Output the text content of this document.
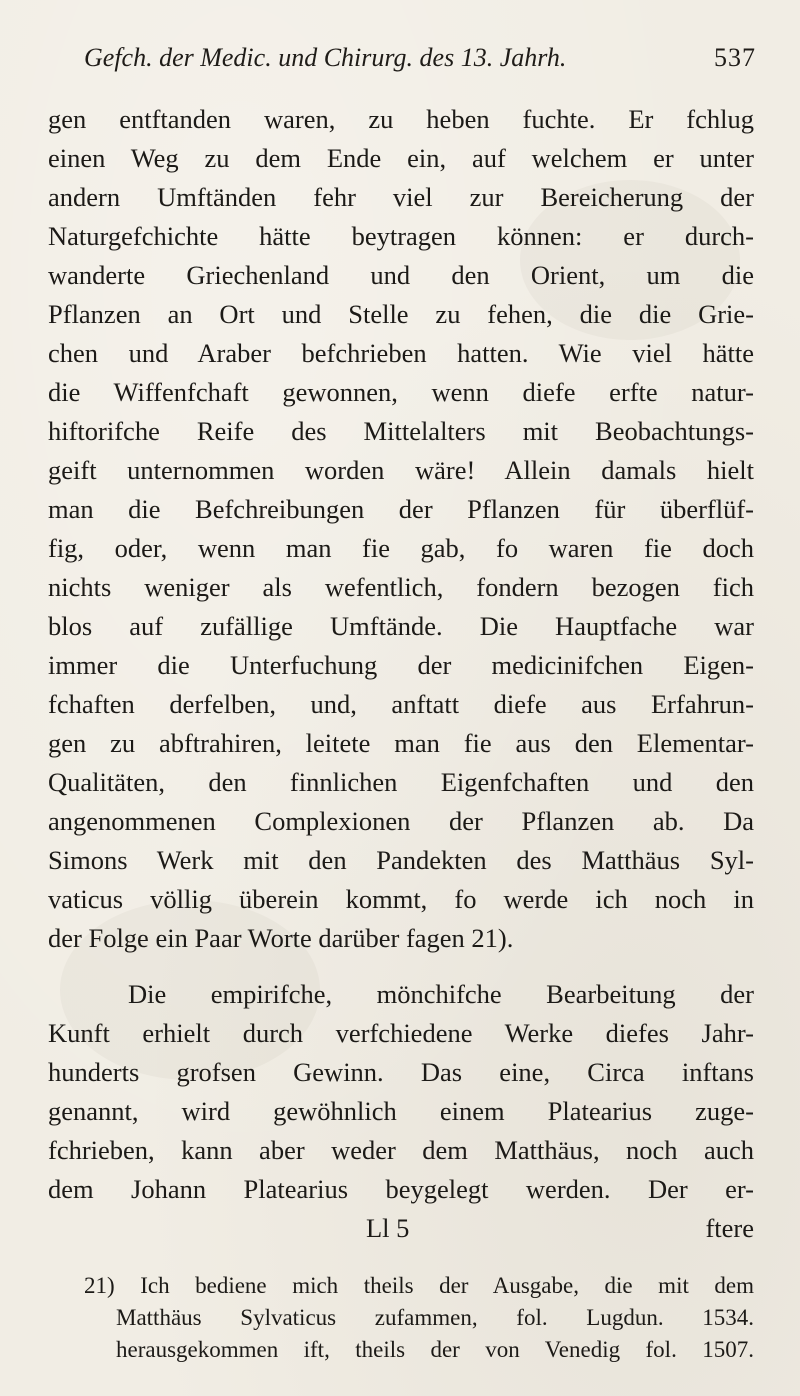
Gefch. der Medic. und Chirurg. des 13. Jahrh.	537
gen entftanden waren, zu heben fuchte. Er fchlug
einen Weg zu dem Ende ein, auf welchem er unter
andern Umftänden fehr viel zur Bereicherung der
Naturgefchichte hätte beytragen können: er durch-
wanderte Griechenland und den Orient, um die
Pflanzen an Ort und Stelle zu fehen, die die Grie-
chen und Araber befchrieben hatten. Wie viel hätte
die Wiffenfchaft gewonnen, wenn diefe erfte natur-
hiftorifche Reife des Mittelalters mit Beobachtungs-
geift unternommen worden wäre! Allein damals hielt
man die Befchreibungen der Pflanzen für überflüf-
fig, oder, wenn man fie gab, fo waren fie doch
nichts weniger als wefentlich, fondern bezogen fich
blos auf zufällige Umftände. Die Hauptfache war
immer die Unterfuchung der medicinifchen Eigen-
fchaften derfelben, und, anftatt diefe aus Erfahrun-
gen zu abftrahiren, leitete man fie aus den Elementar-
Qualitäten, den finnlichen Eigenfchaften und den
angenommenen Complexionen der Pflanzen ab. Da
Simons Werk mit den Pandekten des Matthäus Syl-
vaticus völlig überein kommt, fo werde ich noch in
der Folge ein Paar Worte darüber fagen 21).
Die empirifche, mönchifche Bearbeitung der
Kunft erhielt durch verfchiedene Werke diefes Jahr-
hunderts grofsen Gewinn. Das eine, Circa inftans
genannt, wird gewöhnlich einem Platearius zuge-
fchrieben, kann aber weder dem Matthäus, noch auch
dem Johann Platearius beygelegt werden. Der er-
Ll 5	ftere
21) Ich bediene mich theils der Ausgabe, die mit dem
Matthäus Sylvaticus zufammen, fol. Lugdun. 1534.
herausgekommen ift, theils der von Venedig fol. 1507.
